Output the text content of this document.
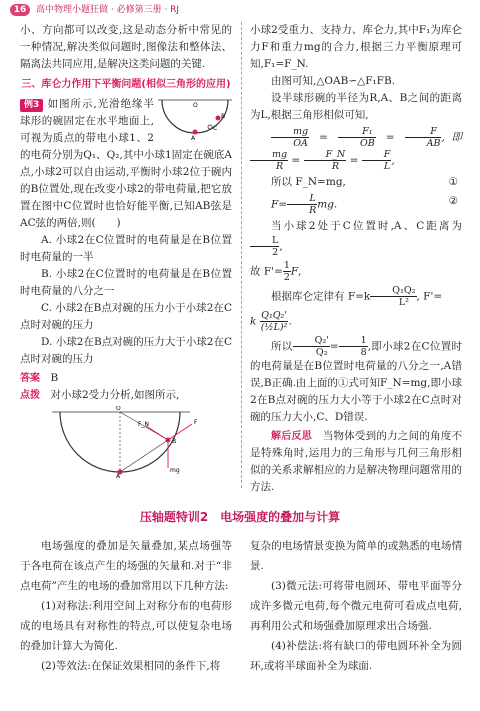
16	高中物理小题狂做 · 必修第三册 · RJ

小、方向都可以改变,这是动态分析中常见的一种情况,解决类似问题时,图像法和整体法、隔离法共同应用,是解决这类问题的关键.

三、库仑力作用下平衡问题(相似三角形的应用)

A
B
C
O

例3 如图所示,光滑绝缘半球形的碗固定在水平地面上,可视为质点的带电小球1、2的电荷分别为Q₁、Q₂,其中小球1固定在碗底A点,小球2可以自由运动,平衡时小球2位于碗内的B位置处,现在改变小球2的带电荷量,把它放置在图中C位置时也恰好能平衡,已知AB弦是AC弦的两倍,则(　　)

A. 小球2在C位置时的电荷量是在B位置时电荷量的一半

B. 小球2在C位置时的电荷量是在B位置时电荷量的八分之一

C. 小球2在B点对碗的压力小于小球2在C点时对碗的压力

D. 小球2在B点对碗的压力大于小球2在C点时对碗的压力

答案　 B

点拨　 对小球2受力分析,如图所示,

O
A
B
F
mg
F_N

小球2受重力、支持力、库仑力,其中F₁为库仑力F和重力mg的合力,根据三力平衡原理可知,F₁=F_N.

由图可知,△OAB∽△F₁FB.

设半球形碗的半径为R,A、B之间的距离为L,根据三角形相似可知,

$\frac{mg}{OA} = \frac{\text{F₁}}{OB} = \frac{F}{AB}$ ,即
$\frac{mg}{R} = \frac{F\_N}{R} = \frac{F}{L}$ ,

所以 F_N=mg,	①

$F= \frac{L}{R}$ mg.	②

当小球2处于C位置时,A、C距离为
$\frac{L}{2}$ ,

故 $F'= \frac{1}{2} F$,

根据库仑定律有 $F=k \frac{\text{Q₁Q₂}}{\text{L²}}$ , F'=

k $\frac{\text{Q₁Q₂'}}{\text{(½L)²}}$ .

所以 $\frac{\text{Q₂'}}{\text{Q₂}} = \frac{1}{8}$ ,即小球2在C位置时的电荷量是在B位置时电荷量的八分之一,A错误,B正确.由上面的①式可知F_N=mg,即小球2在B点对碗的压力大小等于小球2在C点时对碗的压力大小,C、D错误.

解后反思　 当物体受到的力之间的角度不是特殊角时,运用力的三角形与几何三角形相似的关系求解相应的力是解决物理问题常用的方法.

压轴题特训2　电场强度的叠加与计算

电场强度的叠加是矢量叠加,某点场强等于各电荷在该点产生的场强的矢量和.对于“非点电荷”产生的电场的叠加常用以下几种方法:

(1)对称法:利用空间上对称分布的电荷形成的电场具有对称性的特点,可以使复杂电场的叠加计算大为简化.

(2)等效法:在保证效果相同的条件下,将

复杂的电场情景变换为简单的或熟悉的电场情景.

(3)微元法:可将带电圆环、带电平面等分成许多微元电荷,每个微元电荷可看成点电荷,再利用公式和场强叠加原理求出合场强.

(4)补偿法:将有缺口的带电圆环补全为圆环,或将半球面补全为球面.
